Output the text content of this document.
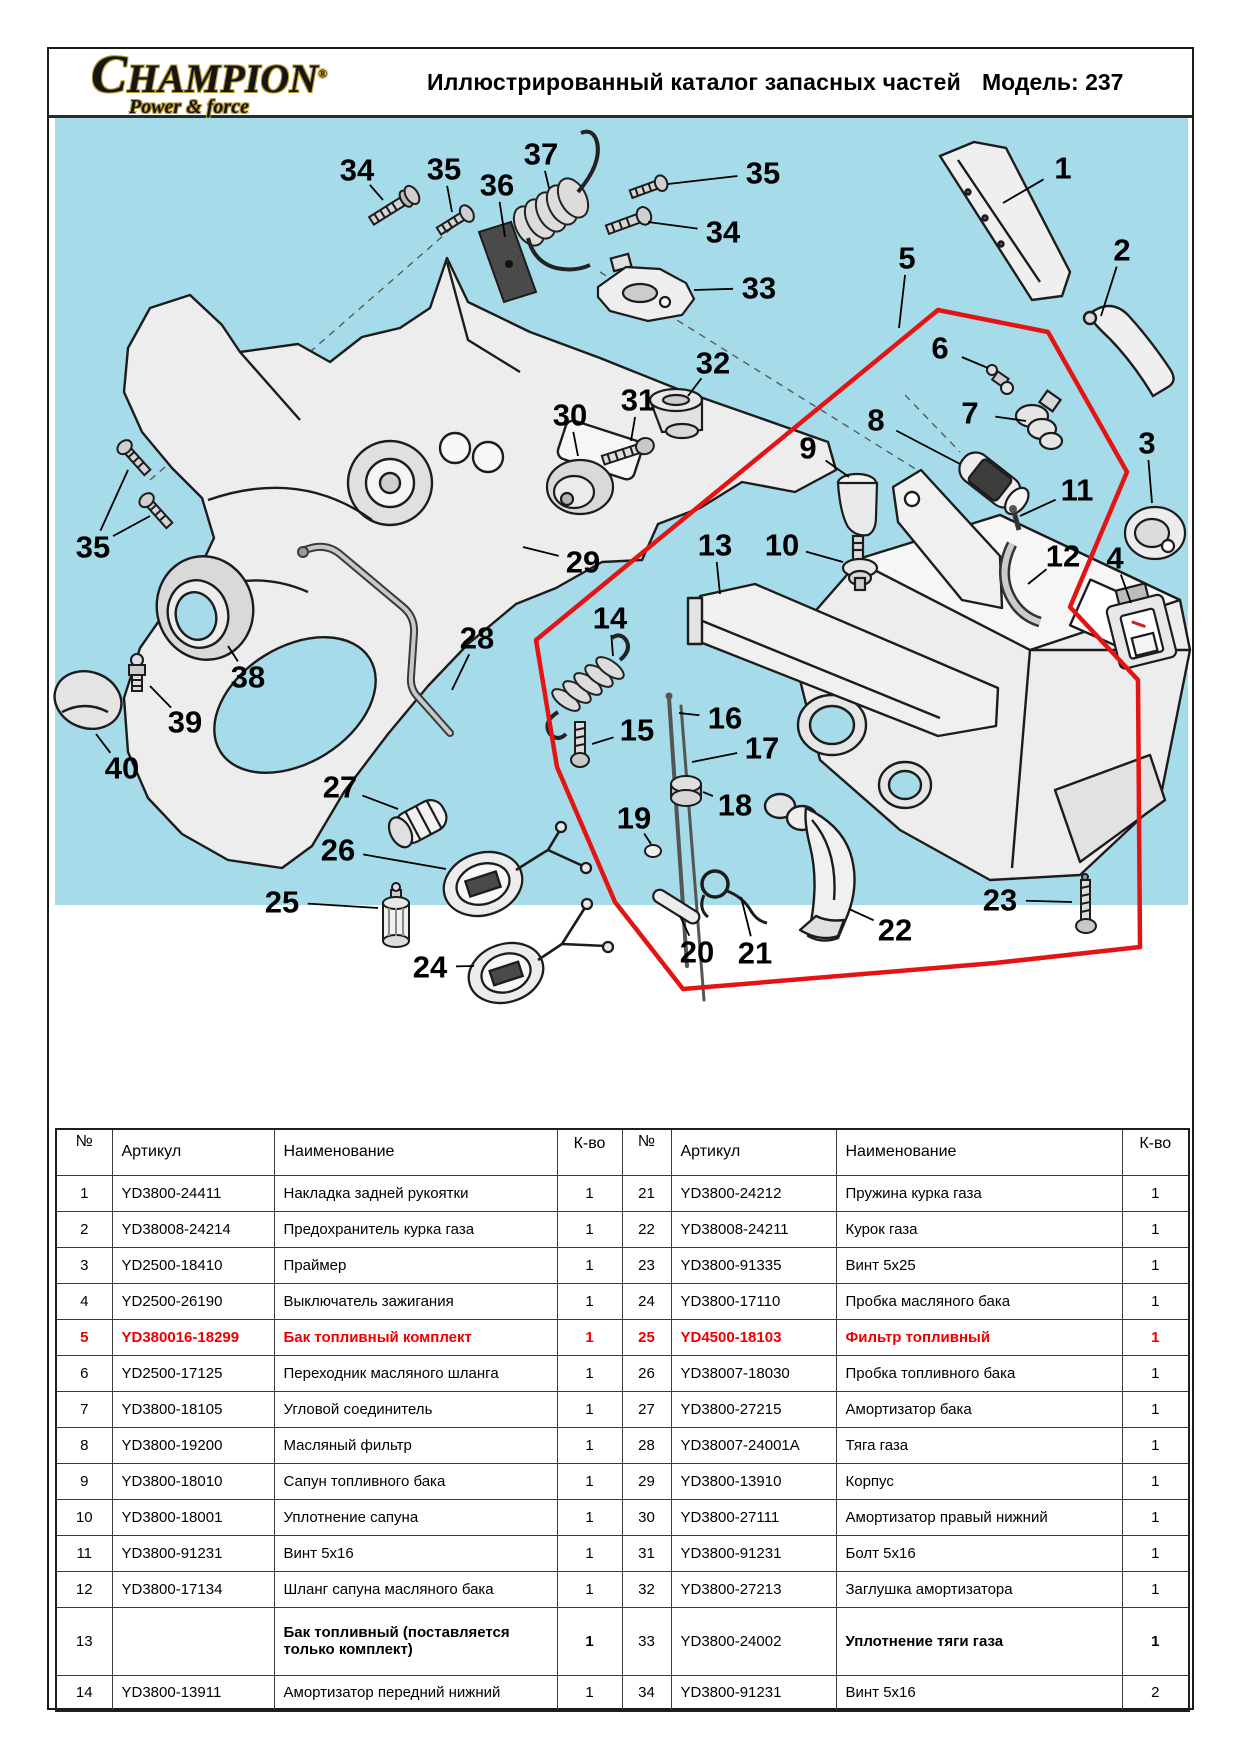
CHAMPION®
Power & force
Иллюстрированный каталог запасных частей Модель: 237
34 35 36
37
35
34
33
1
2
5
6
7
8
9
10
11
3
12 4
13
29
14
28
30 31
32
15 16
17
18
19
20 21
22
23
24
25
26
27
38
39
40
35
№	Артикул	Наименование	К-во	№	Артикул	Наименование	К-во
1	YD3800-24411	Накладка задней рукоятки	1	21	YD3800-24212	Пружина курка газа	1
2	YD38008-24214	Предохранитель курка газа	1	22	YD38008-24211	Курок газа	1
3	YD2500-18410	Праймер	1	23	YD3800-91335	Винт 5x25	1
4	YD2500-26190	Выключатель зажигания	1	24	YD3800-17110	Пробка масляного бака	1
5	YD380016-18299	Бак топливный комплект	1	25	YD4500-18103	Фильтр топливный	1
6	YD2500-17125	Переходник масляного шланга	1	26	YD38007-18030	Пробка топливного бака	1
7	YD3800-18105	Угловой соединитель	1	27	YD3800-27215	Амортизатор бака	1
8	YD3800-19200	Масляный фильтр	1	28	YD38007-24001A	Тяга газа	1
9	YD3800-18010	Сапун топливного бака	1	29	YD3800-13910	Корпус	1
10	YD3800-18001	Уплотнение сапуна	1	30	YD3800-27111	Амортизатор правый нижний	1
11	YD3800-91231	Винт 5x16	1	31	YD3800-91231	Болт 5x16	1
12	YD3800-17134	Шланг сапуна масляного бака	1	32	YD3800-27213	Заглушка амортизатора	1
13		Бак топливный (поставляется только комплект)	1	33	YD3800-24002	Уплотнение тяги газа	1
14	YD3800-13911	Амортизатор передний нижний	1	34	YD3800-91231	Винт 5x16	2
